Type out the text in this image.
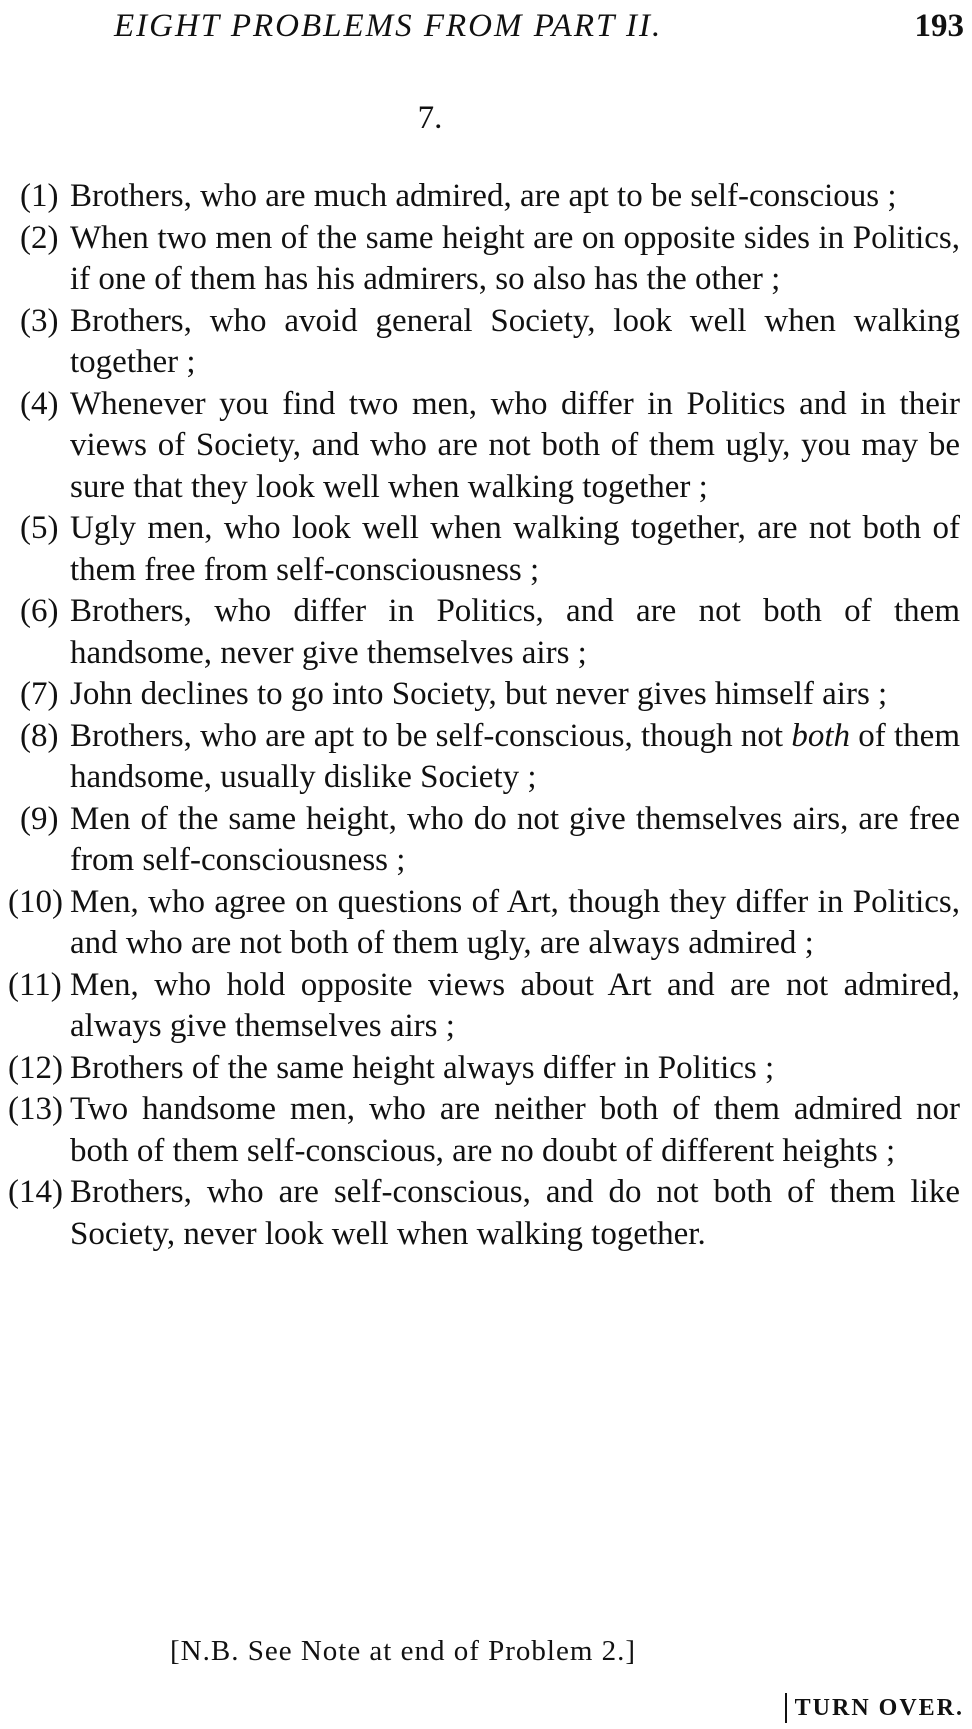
EIGHT PROBLEMS FROM PART II.	193
7.
(1) Brothers, who are much admired, are apt to be self-conscious ;
(2) When two men of the same height are on opposite sides in Politics, if one of them has his admirers, so also has the other ;
(3) Brothers, who avoid general Society, look well when walking together ;
(4) Whenever you find two men, who differ in Politics and in their views of Society, and who are not both of them ugly, you may be sure that they look well when walking together ;
(5) Ugly men, who look well when walking together, are not both of them free from self-consciousness ;
(6) Brothers, who differ in Politics, and are not both of them handsome, never give themselves airs ;
(7) John declines to go into Society, but never gives himself airs ;
(8) Brothers, who are apt to be self-conscious, though not both of them handsome, usually dislike Society ;
(9) Men of the same height, who do not give themselves airs, are free from self-consciousness ;
(10) Men, who agree on questions of Art, though they differ in Politics, and who are not both of them ugly, are always admired ;
(11) Men, who hold opposite views about Art and are not admired, always give themselves airs ;
(12) Brothers of the same height always differ in Politics ;
(13) Two handsome men, who are neither both of them admired nor both of them self-conscious, are no doubt of different heights ;
(14) Brothers, who are self-conscious, and do not both of them like Society, never look well when walking together.
[N.B. See Note at end of Problem 2.]
TURN OVER.
